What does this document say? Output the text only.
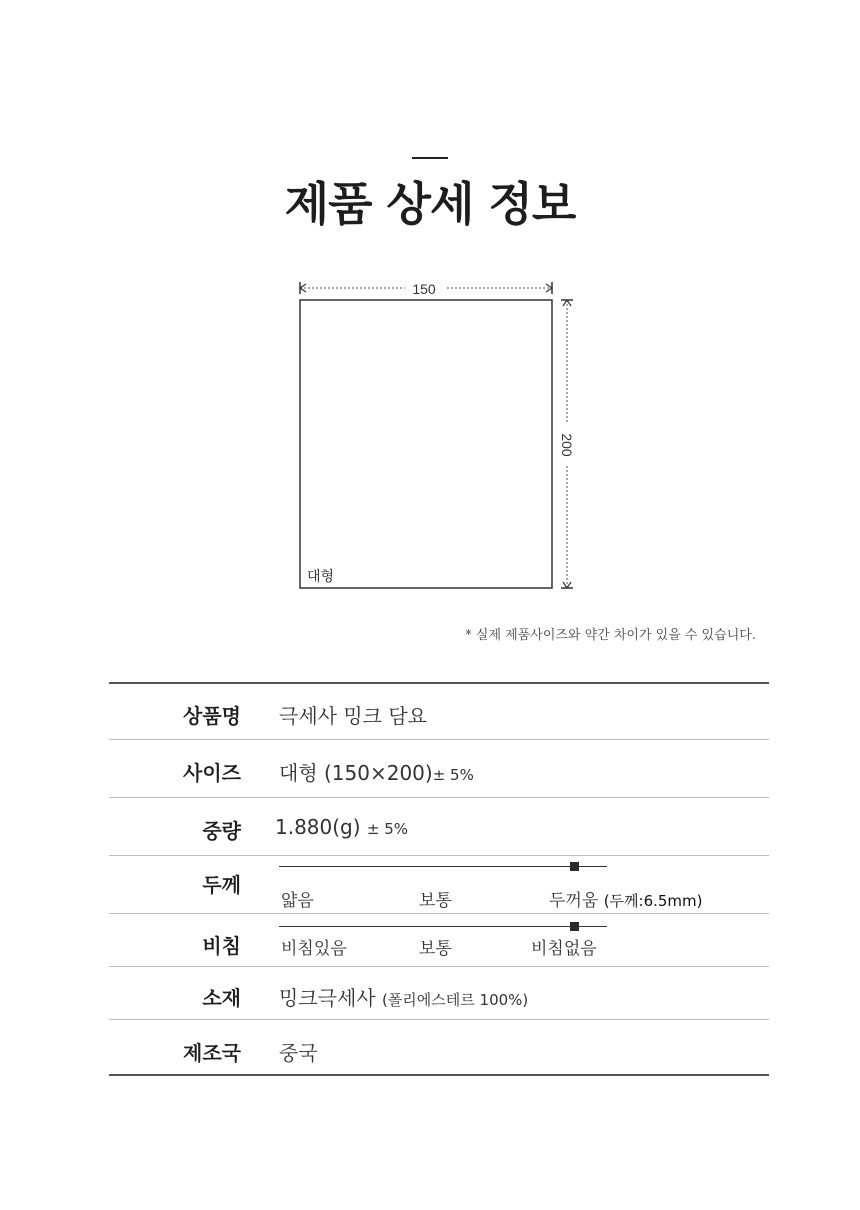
제품 상세 정보
150
대형
200
* 실제 제품사이즈와 약간 차이가 있을 수 있습니다.
상품명 극세사 밍크 담요
사이즈 대형 (150×200)± 5%
중량 1.880(g) ± 5%
두께
얇음	보통	두꺼움 (두께:6.5mm)
비침 비침있음	보통	비침없음
소재 밍크극세사 (폴리에스테르 100%)
제조국 중국
